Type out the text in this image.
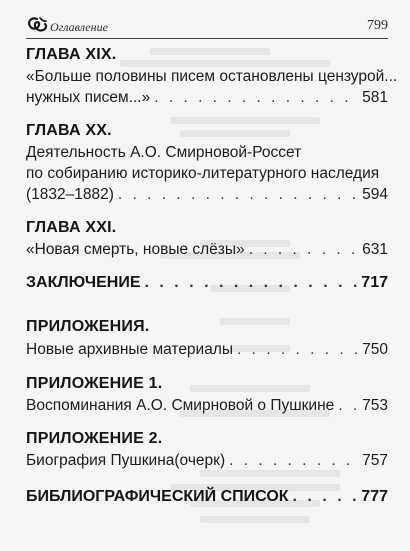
Оглавление	799
ГЛАВА XIX.
«Больше половины писем остановлены цензурой...
нужных писем...» . . .	581
ГЛАВА XX.
Деятельность А.О. Смирновой-Россет
по собиранию историко-литературного наследия
(1832–1882) . . .	594
ГЛАВА XXI.
«Новая смерть, новые слёзы» . . .	631
ЗАКЛЮЧЕНИЕ . . .	717
ПРИЛОЖЕНИЯ.
Новые архивные материалы . . .	750
ПРИЛОЖЕНИЕ 1.
Воспоминания А.О. Смирновой о Пушкине . . . 753
ПРИЛОЖЕНИЕ 2.
Биография Пушкина(очерк) . . .	757
БИБЛИОГРАФИЧЕСКИЙ СПИСОК . . .	777
